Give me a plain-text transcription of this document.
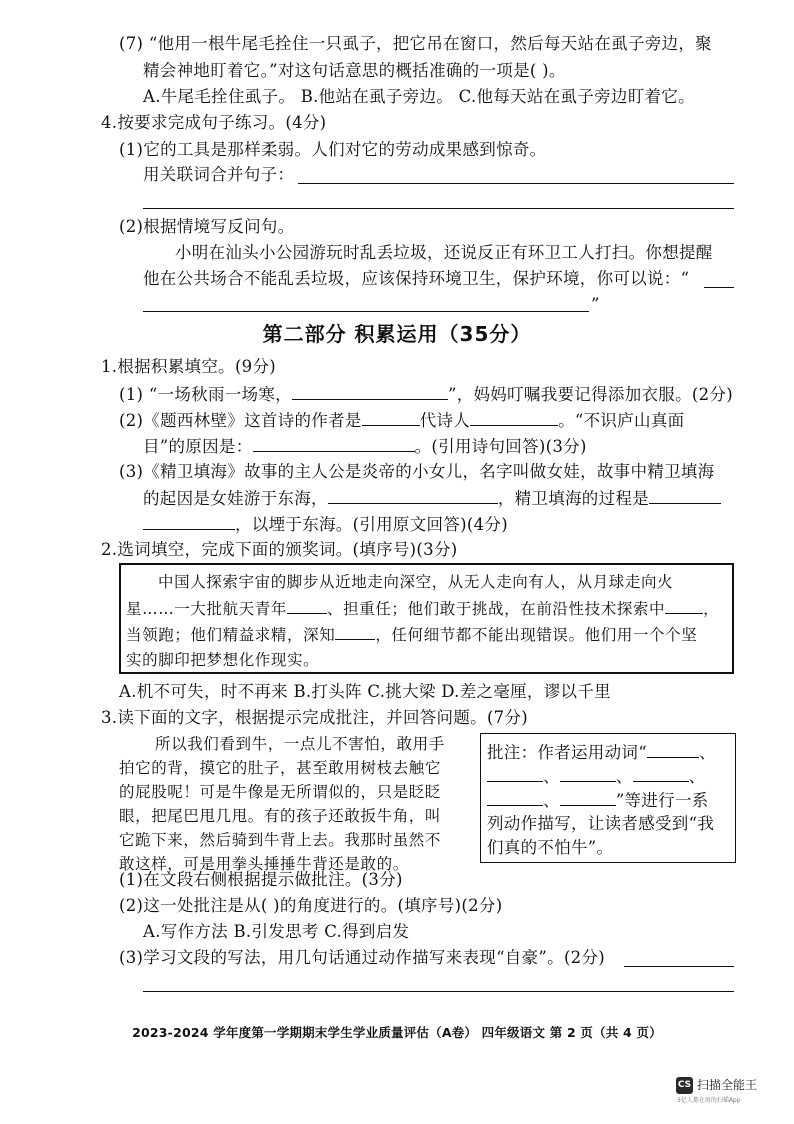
(7) “他用一根牛尾毛拴住一只虱子，把它吊在窗口，然后每天站在虱子旁边，聚
精会神地盯着它。”对这句话意思的概括准确的一项是( )。
A.牛尾毛拴住虱子。 B.他站在虱子旁边。 C.他每天站在虱子旁边盯着它。
4.按要求完成句子练习。(4分)
(1)它的工具是那样柔弱。人们对它的劳动成果感到惊奇。
用关联词合并句子：
(2)根据情境写反问句。
小明在汕头小公园游玩时乱丢垃圾，还说反正有环卫工人打扫。你想提醒
他在公共场合不能乱丢垃圾，应该保持环境卫生，保护环境，你可以说：“
”
第二部分 积累运用（35分）
1.根据积累填空。(9分)
(1) “一场秋雨一场寒，	”，妈妈叮嘱我要记得添加衣服。(2分)
(2)《题西林壁》这首诗的作者是	代诗人	。“不识庐山真面
目”的原因是：	。(引用诗句回答)(3分)
(3)《精卫填海》故事的主人公是炎帝的小女儿，名字叫做女娃，故事中精卫填海
的起因是女娃游于东海，	，精卫填海的过程是
，以堙于东海。(引用原文回答)(4分)
2.选词填空，完成下面的颁奖词。(填序号)(3分)
中国人探索宇宙的脚步从近地走向深空，从无人走向有人，从月球走向火
星……一大批航天青年	、担重任；他们敢于挑战，在前沿性技术探索中 ，
当领跑；他们精益求精，深知	，任何细节都不能出现错误。他们用一个个坚
实的脚印把梦想化作现实。
A.机不可失，时不再来 B.打头阵 C.挑大梁 D.差之毫厘，谬以千里
3.读下面的文字，根据提示完成批注，并回答问题。(7分)
所以我们看到牛，一点儿不害怕，敢用手
拍它的背，摸它的肚子，甚至敢用树枝去触它
的屁股呢！可是牛像是无所谓似的，只是眨眨
眼，把尾巴甩几甩。有的孩子还敢扳牛角，叫
它跪下来，然后骑到牛背上去。我那时虽然不
敢这样，可是用拳头捶捶牛背还是敢的。
批注：作者运用动词“	、
、	、	、
、	”等进行一系
列动作描写，让读者感受到“我
们真的不怕牛”。
(1)在文段右侧根据提示做批注。(3分)
(2)这一处批注是从( )的角度进行的。(填序号)(2分)
A.写作方法 B.引发思考 C.得到启发
(3)学习文段的写法，用几句话通过动作描写来表现“自豪”。(2分)
2023-2024 学年度第一学期期末学生学业质量评估（A卷） 四年级语文 第 2 页（共 4 页）
CS 扫描全能王
3亿人都在用的扫描App
